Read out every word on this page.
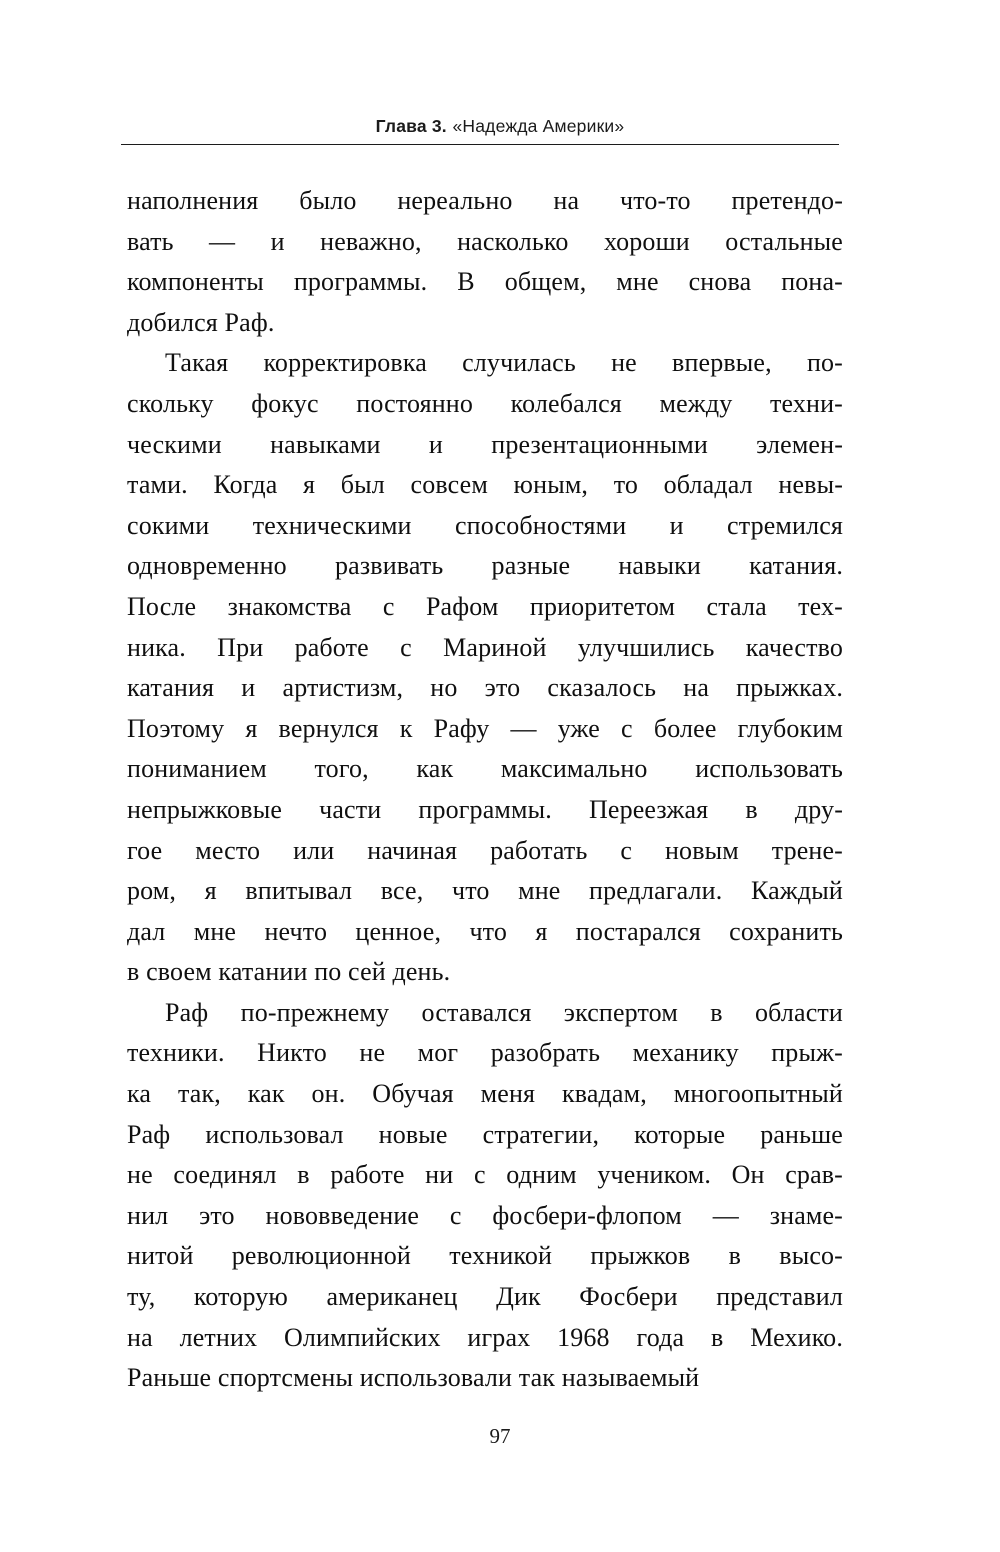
Глава 3. «Надежда Америки»
наполнения было нереально на что-то претендо-
вать — и неважно, насколько хороши остальные
компоненты программы. В общем, мне снова пона-
добился Раф.
Такая корректировка случилась не впервые, по-
скольку фокус постоянно колебался между техни-
ческими навыками и презентационными элемен-
тами. Когда я был совсем юным, то обладал невы-
сокими техническими способностями и стремился
одновременно развивать разные навыки катания.
После знакомства с Рафом приоритетом стала тех-
ника. При работе с Мариной улучшились качество
катания и артистизм, но это сказалось на прыжках.
Поэтому я вернулся к Рафу — уже с более глубоким
пониманием того, как максимально использовать
непрыжковые части программы. Переезжая в дру-
гое место или начиная работать с новым трене-
ром, я впитывал все, что мне предлагали. Каждый
дал мне нечто ценное, что я постарался сохранить
в своем катании по сей день.
Раф по-прежнему оставался экспертом в области
техники. Никто не мог разобрать механику прыж-
ка так, как он. Обучая меня квадам, многоопытный
Раф использовал новые стратегии, которые раньше
не соединял в работе ни с одним учеником. Он срав-
нил это нововведение с фосбери-флопом — знаме-
нитой революционной техникой прыжков в высо-
ту, которую американец Дик Фосбери представил
на летних Олимпийских играх 1968 года в Мехико.
Раньше спортсмены использовали так называемый
97
